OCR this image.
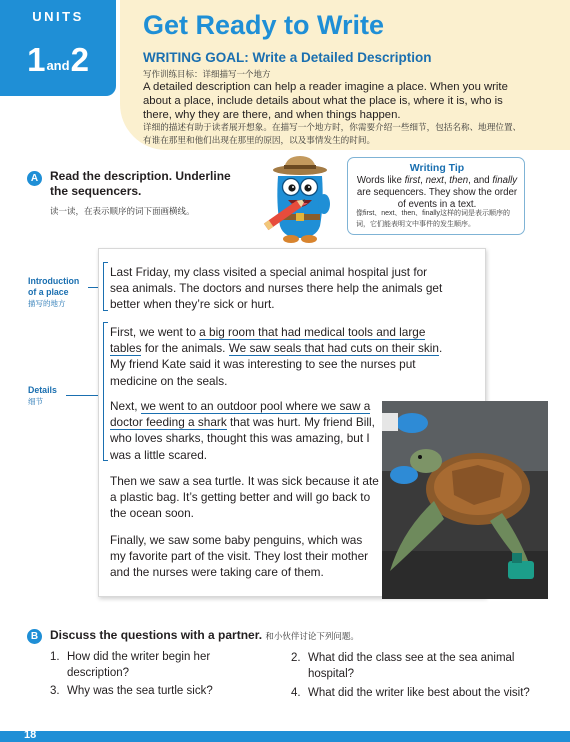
UNITS
1and2
Get Ready to Write
WRITING GOAL: Write a Detailed Description
写作训练目标：详细描写一个地方
A detailed description can help a reader imagine a place. When you write about a place, include details about what the place is, where it is, who is there, why they are there, and when things happen.
详细的描述有助于读者展开想象。在描写一个地方时，你需要介绍一些细节，包括名称、地理位置、有谁在那里和他们出现在那里的原因，以及事情发生的时间。
A Read the description. Underline the sequencers.
读一读，在表示顺序的词下面画横线。
Writing Tip
Words like first, next, then, and finally are sequencers. They show the order of events in a text.
像first、next、then、finally这样的词是表示顺序的词，它们能表明文中事件的发生顺序。
Introduction of a place
描写的地方
Details
细节
Last Friday, my class visited a special animal hospital just for sea animals. The doctors and nurses there help the animals get better when they’re sick or hurt.
First, we went to a big room that had medical tools and large tables for the animals. We saw seals that had cuts on their skin. My friend Kate said it was interesting to see the nurses put medicine on the seals.
Next, we went to an outdoor pool where we saw a doctor feeding a shark that was hurt. My friend Bill, who loves sharks, thought this was amazing, but I was a little scared.
Then we saw a sea turtle. It was sick because it ate a plastic bag. It’s getting better and will go back to the ocean soon.
Finally, we saw some baby penguins, which was my favorite part of the visit. They lost their mother and the nurses were taking care of them.
B Discuss the questions with a partner. 和小伙伴讨论下列问题。
1. How did the writer begin her description?
2. What did the class see at the sea animal hospital?
3. Why was the sea turtle sick?	4. What did the writer like best about the visit?
18
